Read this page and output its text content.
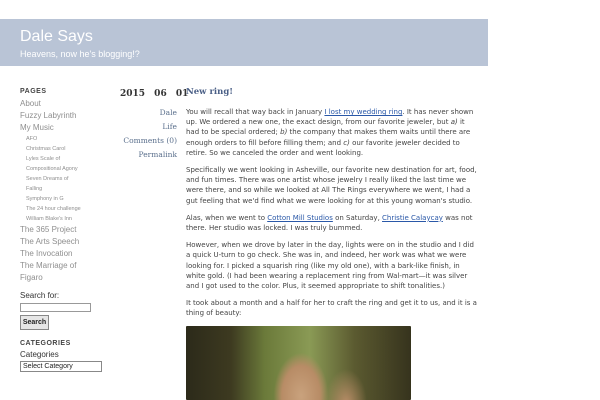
Dale Says
Heavens, now he's blogging!?
PAGES
About
Fuzzy Labyrinth
My Music
AFO
Christmas Carol
Lyles Scale of
Compositional Agony
Seven Dreams of
Falling
Symphony in G
The 24 hour challenge
William Blake's Inn
The 365 Project
The Arts Speech
The Invocation
The Marriage of
Figaro
Search for:
Search
CATEGORIES
Categories
Select Category
2015 06 01
Dale
Life
Comments (0)
Permalink
New ring!

You will recall that way back in January I lost my wedding ring. It has never shown up. We ordered a new one, the exact design, from our favorite jeweler, but a) it had to be special ordered; b) the company that makes them waits until there are enough orders to fill before filling them; and c) our favorite jeweler decided to retire. So we canceled the order and went looking.

Specifically we went looking in Asheville, our favorite new destination for art, food, and fun times. There was one artist whose jewelry I really liked the last time we were there, and so while we looked at All The Rings everywhere we went, I had a gut feeling that we'd find what we were looking for at this young woman's studio.

Alas, when we went to Cotton Mill Studios on Saturday, Christie Calaycay was not there. Her studio was locked. I was truly bummed.

However, when we drove by later in the day, lights were on in the studio and I did a quick U-turn to go check. She was in, and indeed, her work was what we were looking for. I picked a squarish ring (like my old one), with a bark-like finish, in white gold. (I had been wearing a replacement ring from Wal-mart—it was silver and I got used to the color. Plus, it seemed appropriate to shift tonalities.)

It took about a month and a half for her to craft the ring and get it to us, and it is a thing of beauty:
